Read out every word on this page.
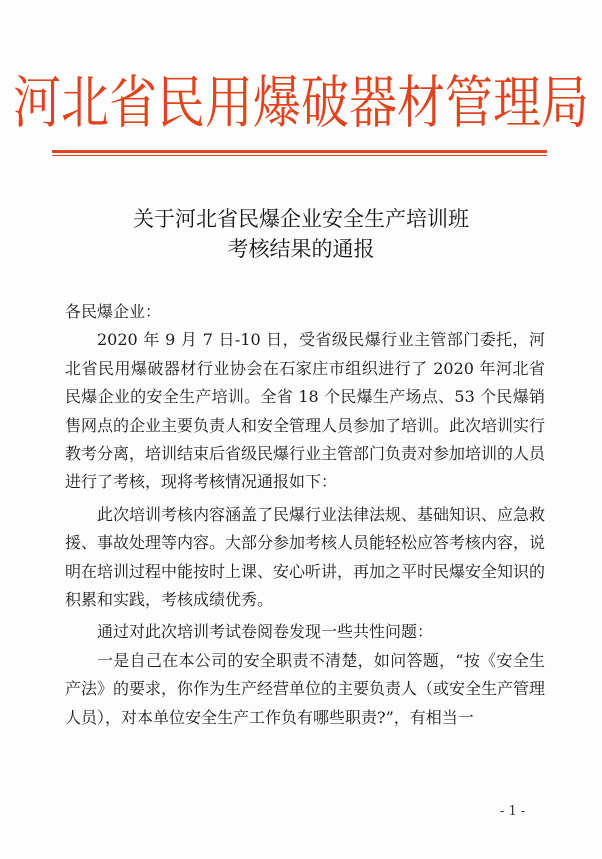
河北省民用爆破器材管理局
关于河北省民爆企业安全生产培训班
考核结果的通报

各民爆企业：

2020 年 9 月 7 日-10 日，受省级民爆行业主管部门委托，河北省民用爆破器材行业协会在石家庄市组织进行了 2020 年河北省民爆企业的安全生产培训。全省 18 个民爆生产场点、53 个民爆销售网点的企业主要负责人和安全管理人员参加了培训。此次培训实行教考分离，培训结束后省级民爆行业主管部门负责对参加培训的人员进行了考核，现将考核情况通报如下：

此次培训考核内容涵盖了民爆行业法律法规、基础知识、应急救援、事故处理等内容。大部分参加考核人员能轻松应答考核内容，说明在培训过程中能按时上课、安心听讲，再加之平时民爆安全知识的积累和实践，考核成绩优秀。

通过对此次培训考试卷阅卷发现一些共性问题：

一是自己在本公司的安全职责不清楚，如问答题，“按《安全生产法》的要求，你作为生产经营单位的主要负责人（或安全生产管理人员），对本单位安全生产工作负有哪些职责?”，有相当一

- 1 -
